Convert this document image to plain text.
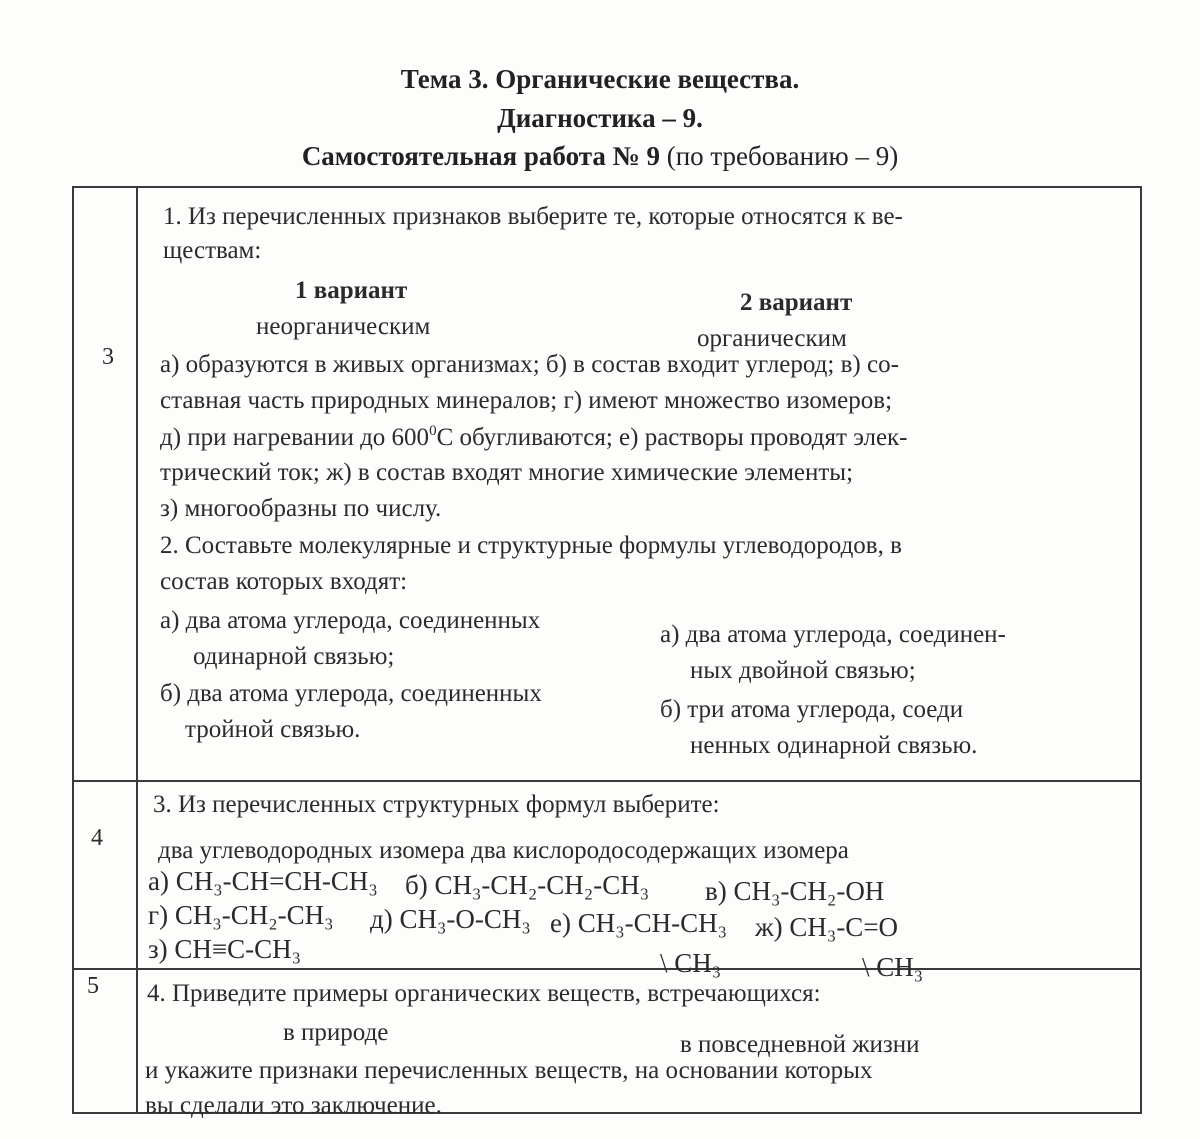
Тема 3. Органические вещества.
Диагностика – 9.
Самостоятельная работа № 9 (по требованию – 9)
3
1. Из перечисленных признаков выберите те, которые относятся к ве-
ществам:
1 вариант
неорганическим
2 вариант
органическим
а) образуются в живых организмах; б) в состав входит углерод; в) со-
ставная часть природных минералов; г) имеют множество изомеров;
д) при нагревании до $600^0С$ обугливаются; е) растворы проводят элек-
трический ток; ж) в состав входят многие химические элементы;
з) многообразны по числу.
2. Составьте молекулярные и структурные формулы углеводородов, в
состав которых входят:
а) два атома углерода, соединенных
одинарной связью;
б) два атома углерода, соединенных
тройной связью.
а) два атома углерода, соединен-
ных двойной связью;
б) три атома углерода, соеди
ненных одинарной связью.
4
3. Из перечисленных структурных формул выберите:
два углеводородных изомера два кислородосодержащих изомера
а) CH₃-CH=CH-CH₃ б) CH₃-CH₂-CH₂-CH₃ в) CH₃-CH₂-OH
г) CH₃-CH₂-CH₃ д) CH₃-O-CH₃ е) CH₃-CH-CH₃ ж) CH₃-C=O
з) CH≡C-CH₃	\ CH₃	\ CH₃
5 4. Приведите примеры органических веществ, встречающихся:
в природе	в повседневной жизни
и укажите признаки перечисленных веществ, на основании которых
вы сделали это заключение.
